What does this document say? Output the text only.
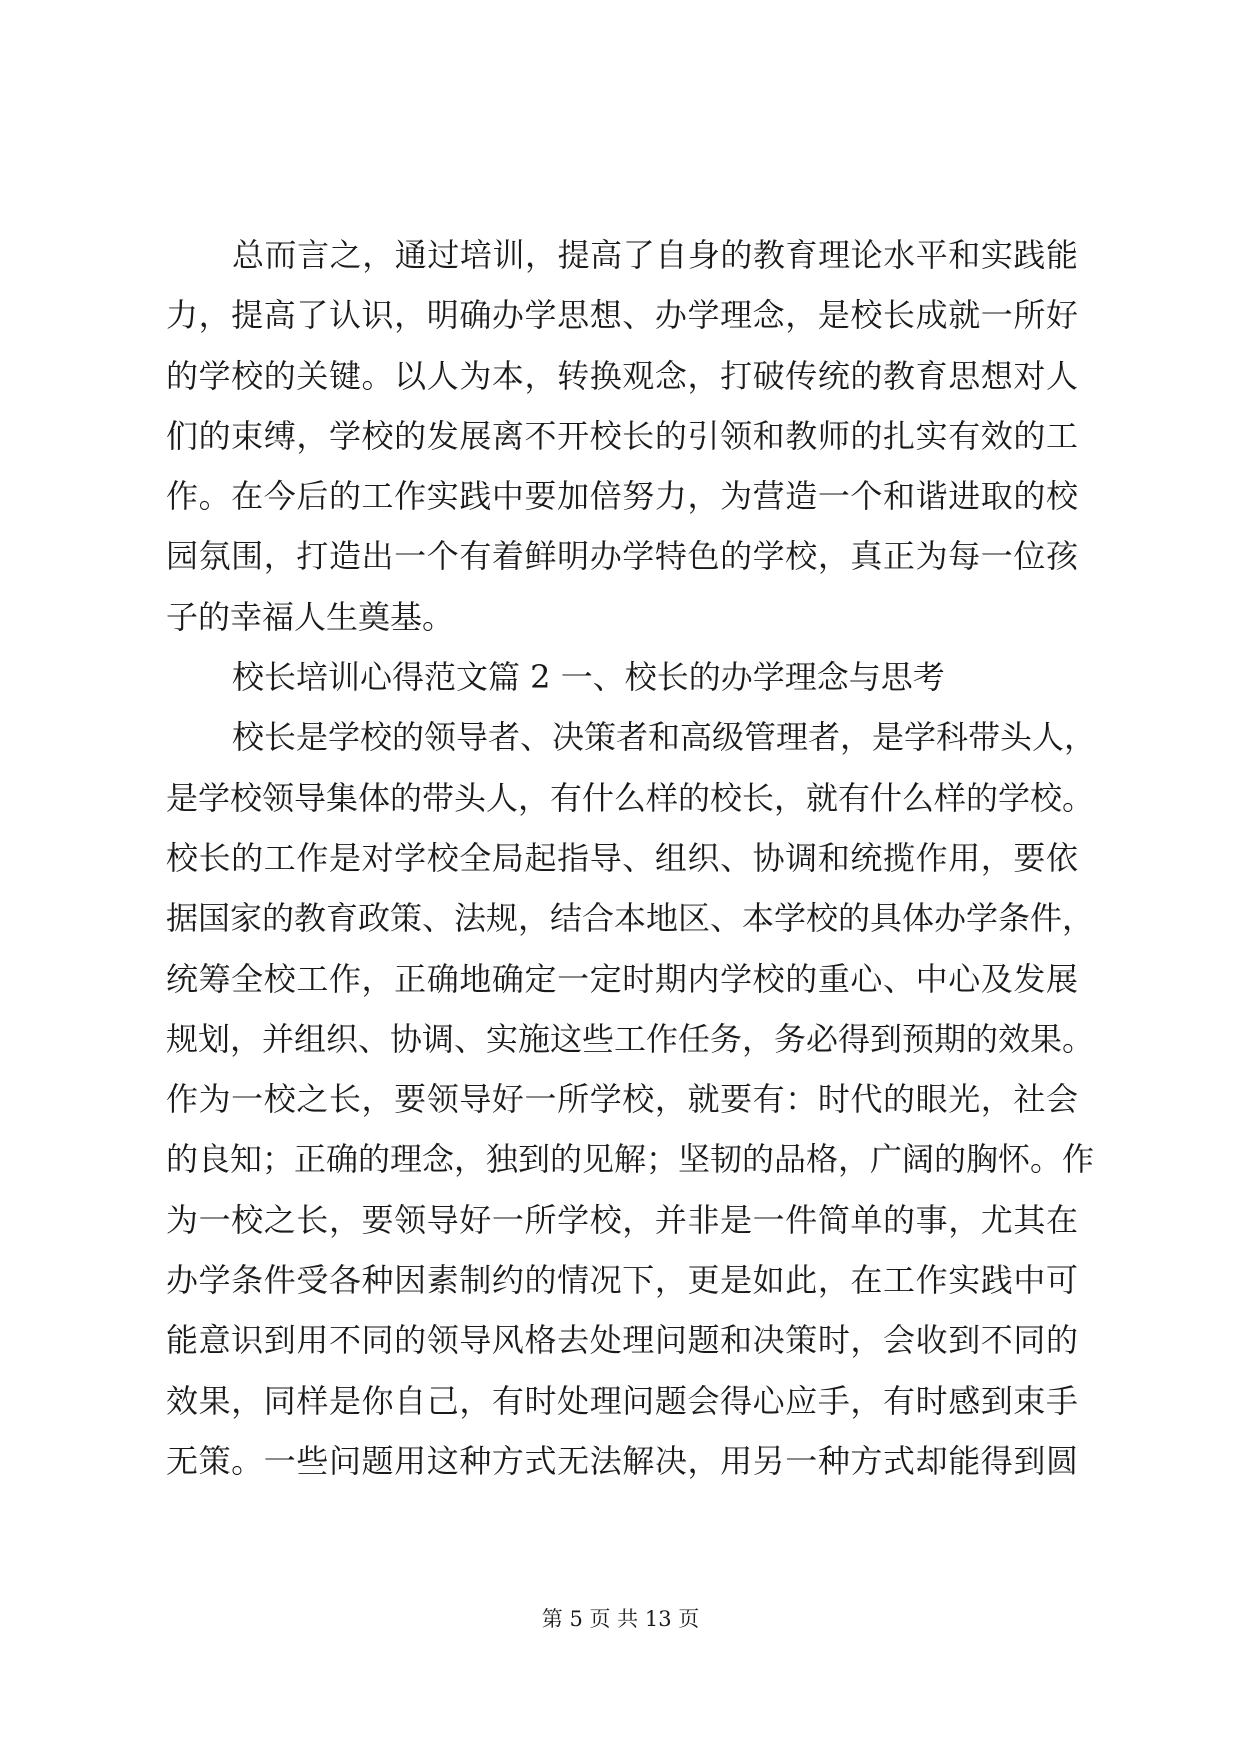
总而言之，通过培训，提高了自身的教育理论水平和实践能
力，提高了认识，明确办学思想、办学理念，是校长成就一所好
的学校的关键。以人为本，转换观念，打破传统的教育思想对人
们的束缚，学校的发展离不开校长的引领和教师的扎实有效的工
作。在今后的工作实践中要加倍努力，为营造一个和谐进取的校
园氛围，打造出一个有着鲜明办学特色的学校，真正为每一位孩
子的幸福人生奠基。
校长培训心得范文篇 2 一、校长的办学理念与思考
校长是学校的领导者、决策者和高级管理者，是学科带头人，
是学校领导集体的带头人，有什么样的校长，就有什么样的学校。
校长的工作是对学校全局起指导、组织、协调和统揽作用，要依
据国家的教育政策、法规，结合本地区、本学校的具体办学条件，
统筹全校工作，正确地确定一定时期内学校的重心、中心及发展
规划，并组织、协调、实施这些工作任务，务必得到预期的效果。
作为一校之长，要领导好一所学校，就要有：时代的眼光，社会
的良知；正确的理念，独到的见解；坚韧的品格，广阔的胸怀。作
为一校之长，要领导好一所学校，并非是一件简单的事，尤其在
办学条件受各种因素制约的情况下，更是如此，在工作实践中可
能意识到用不同的领导风格去处理问题和决策时，会收到不同的
效果，同样是你自己，有时处理问题会得心应手，有时感到束手
无策。一些问题用这种方式无法解决，用另一种方式却能得到圆
第 5 页 共 13 页
